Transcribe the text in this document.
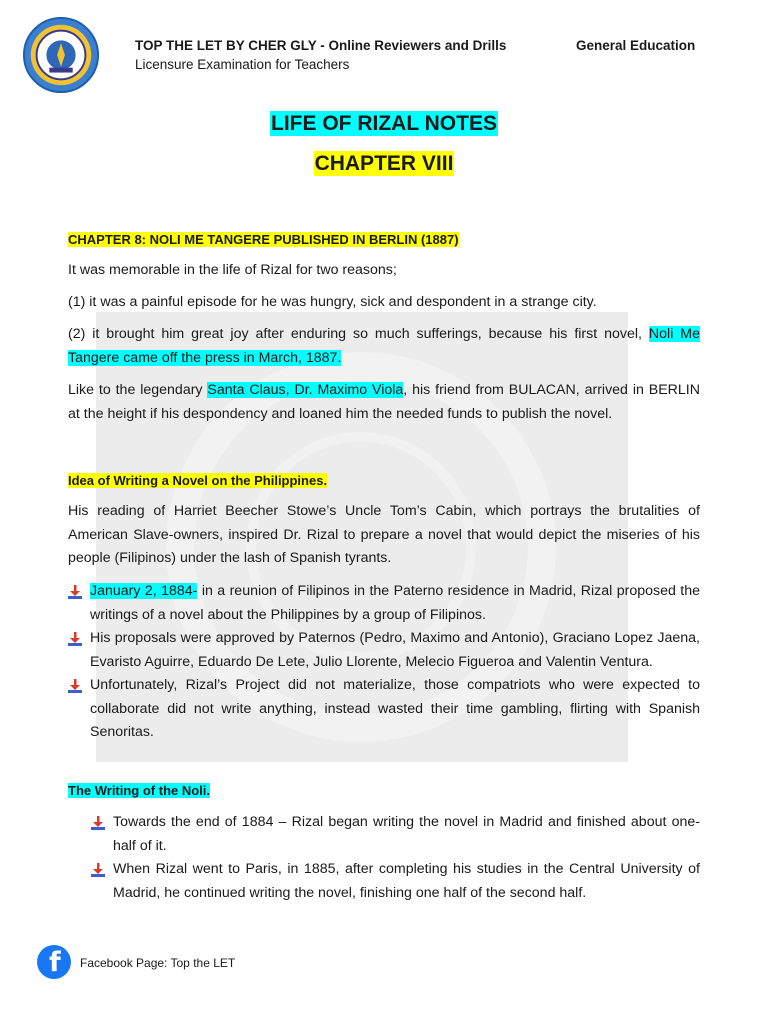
TOP THE LET BY CHER GLY - Online Reviewers and Drills
Licensure Examination for Teachers
General Education
LIFE OF RIZAL NOTES
CHAPTER VIII
CHAPTER 8: NOLI ME TANGERE PUBLISHED IN BERLIN (1887)
It was memorable in the life of Rizal for two reasons;
(1) it was a painful episode for he was hungry, sick and despondent in a strange city.
(2) it brought him great joy after enduring so much sufferings, because his first novel, Noli Me Tangere came off the press in March, 1887.
Like to the legendary Santa Claus, Dr. Maximo Viola, his friend from BULACAN, arrived in BERLIN at the height if his despondency and loaned him the needed funds to publish the novel.
Idea of Writing a Novel on the Philippines.
His reading of Harriet Beecher Stowe’s Uncle Tom’s Cabin, which portrays the brutalities of American Slave-owners, inspired Dr. Rizal to prepare a novel that would depict the miseries of his people (Filipinos) under the lash of Spanish tyrants.
January 2, 1884- in a reunion of Filipinos in the Paterno residence in Madrid, Rizal proposed the writings of a novel about the Philippines by a group of Filipinos.
His proposals were approved by Paternos (Pedro, Maximo and Antonio), Graciano Lopez Jaena, Evaristo Aguirre, Eduardo De Lete, Julio Llorente, Melecio Figueroa and Valentin Ventura.
Unfortunately, Rizal’s Project did not materialize, those compatriots who were expected to collaborate did not write anything, instead wasted their time gambling, flirting with Spanish Senoritas.
The Writing of the Noli.
Towards the end of 1884 – Rizal began writing the novel in Madrid and finished about one-half of it.
When Rizal went to Paris, in 1885, after completing his studies in the Central University of Madrid, he continued writing the novel, finishing one half of the second half.
f Facebook Page: Top the LET
